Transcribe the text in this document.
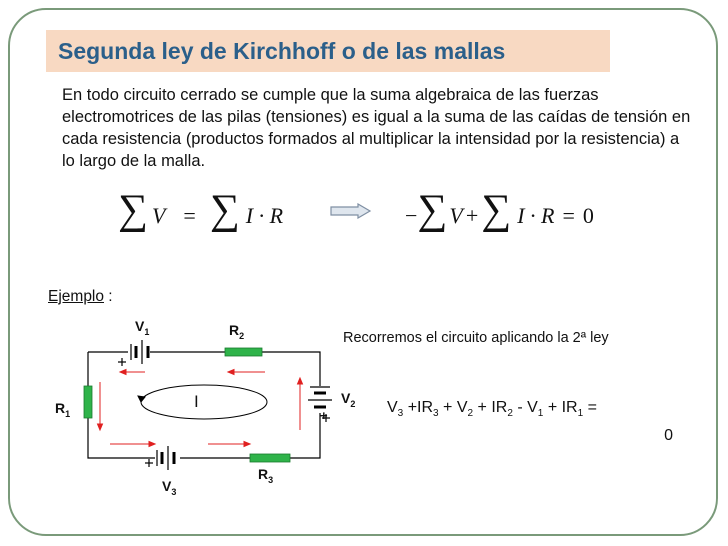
Segunda ley de Kirchhoff o de las mallas
En todo circuito cerrado se cumple que la suma algebraica de las fuerzas electromotrices de las pilas (tensiones) es igual a la suma de las caídas de tensión en cada resistencia (productos formados al multiplicar la intensidad por la resistencia) a lo largo de la malla.
∑ V = ∑ I · R	−∑V +∑ I · R = 0
Ejemplo :
$V_1$	$R_2$
$V_2$
$R_1$
$R_3$
$V_3$
I
+
Recorremos el circuito aplicando la 2ª ley
$V_3 +IR_3 + V_2 + IR_2 - V_1 + IR_1$ =
0
